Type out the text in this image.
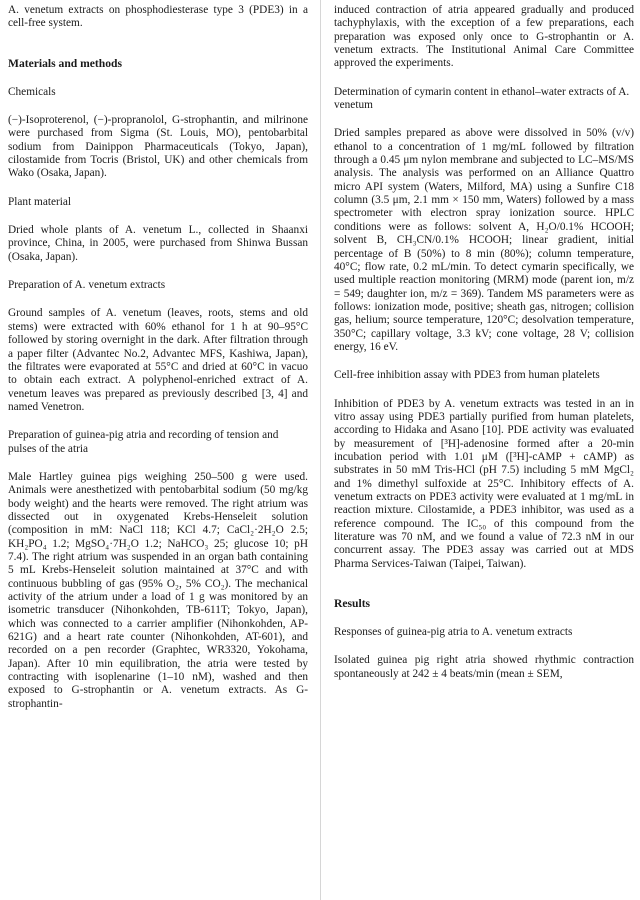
A. venetum extracts on phosphodiesterase type 3 (PDE3) in a cell-free system.

Materials and methods
Chemicals

(−)-Isoproterenol, (−)-propranolol, G-strophantin, and milrinone were purchased from Sigma (St. Louis, MO), pentobarbital sodium from Dainippon Pharmaceuticals (Tokyo, Japan), cilostamide from Tocris (Bristol, UK) and other chemicals from Wako (Osaka, Japan).

Plant material

Dried whole plants of A. venetum L., collected in Shaanxi province, China, in 2005, were purchased from Shinwa Bussan (Osaka, Japan).

Preparation of A. venetum extracts

Ground samples of A. venetum (leaves, roots, stems and old stems) were extracted with 60% ethanol for 1 h at 90–95°C followed by storing overnight in the dark. After filtration through a paper filter (Advantec No.2, Advantec MFS, Kashiwa, Japan), the filtrates were evaporated at 55°C and dried at 60°C in vacuo to obtain each extract. A polyphenol-enriched extract of A. venetum leaves was prepared as previously described [3, 4] and named Venetron.

Preparation of guinea-pig atria and recording of tension and pulses of the atria

Male Hartley guinea pigs weighing 250–500 g were used. Animals were anesthetized with pentobarbital sodium (50 mg/kg body weight) and the hearts were removed. The right atrium was dissected out in oxygenated Krebs-Henseleit solution (composition in mM: NaCl 118; KCl 4.7; CaCl₂·2H₂O 2.5; KH₂PO₄ 1.2; MgSO₄·7H₂O 1.2; NaHCO₃ 25; glucose 10; pH 7.4). The right atrium was suspended in an organ bath containing 5 mL Krebs-Henseleit solution maintained at 37°C and with continuous bubbling of gas (95% O₂, 5% CO₂). The mechanical activity of the atrium under a load of 1 g was monitored by an isometric transducer (Nihonkohden, TB-611T; Tokyo, Japan), which was connected to a carrier amplifier (Nihonkohden, AP-621G) and a heart rate counter (Nihonkohden, AT-601), and recorded on a pen recorder (Graphtec, WR3320, Yokohama, Japan). After 10 min equilibration, the atria were tested by contracting with isoplenarine (1–10 nM), washed and then exposed to G-strophantin or A. venetum extracts. As G-strophantin-

induced contraction of atria appeared gradually and produced tachyphylaxis, with the exception of a few preparations, each preparation was exposed only once to G-strophantin or A. venetum extracts. The Institutional Animal Care Committee approved the experiments.

Determination of cymarin content in ethanol–water extracts of A. venetum

Dried samples prepared as above were dissolved in 50% (v/v) ethanol to a concentration of 1 mg/mL followed by filtration through a 0.45 μm nylon membrane and subjected to LC–MS/MS analysis. The analysis was performed on an Alliance Quattro micro API system (Waters, Milford, MA) using a Sunfire C18 column (3.5 μm, 2.1 mm × 150 mm, Waters) followed by a mass spectrometer with electron spray ionization source. HPLC conditions were as follows: solvent A, H₂O/0.1% HCOOH; solvent B, CH₃CN/0.1% HCOOH; linear gradient, initial percentage of B (50%) to 8 min (80%); column temperature, 40°C; flow rate, 0.2 mL/min. To detect cymarin specifically, we used multiple reaction monitoring (MRM) mode (parent ion, m/z = 549; daughter ion, m/z = 369). Tandem MS parameters were as follows: ionization mode, positive; sheath gas, nitrogen; collision gas, helium; source temperature, 120°C; desolvation temperature, 350°C; capillary voltage, 3.3 kV; cone voltage, 28 V; collision energy, 16 eV.

Cell-free inhibition assay with PDE3 from human platelets

Inhibition of PDE3 by A. venetum extracts was tested in an in vitro assay using PDE3 partially purified from human platelets, according to Hidaka and Asano [10]. PDE activity was evaluated by measurement of [³H]-adenosine formed after a 20-min incubation period with 1.01 μM ([³H]-cAMP + cAMP) as substrates in 50 mM Tris-HCl (pH 7.5) including 5 mM MgCl₂ and 1% dimethyl sulfoxide at 25°C. Inhibitory effects of A. venetum extracts on PDE3 activity were evaluated at 1 mg/mL in reaction mixture. Cilostamide, a PDE3 inhibitor, was used as a reference compound. The IC₅₀ of this compound from the literature was 70 nM, and we found a value of 72.3 nM in our concurrent assay. The PDE3 assay was carried out at MDS Pharma Services-Taiwan (Taipei, Taiwan).

Results
Responses of guinea-pig atria to A. venetum extracts

Isolated guinea pig right atria showed rhythmic contraction spontaneously at 242 ± 4 beats/min (mean ± SEM,
